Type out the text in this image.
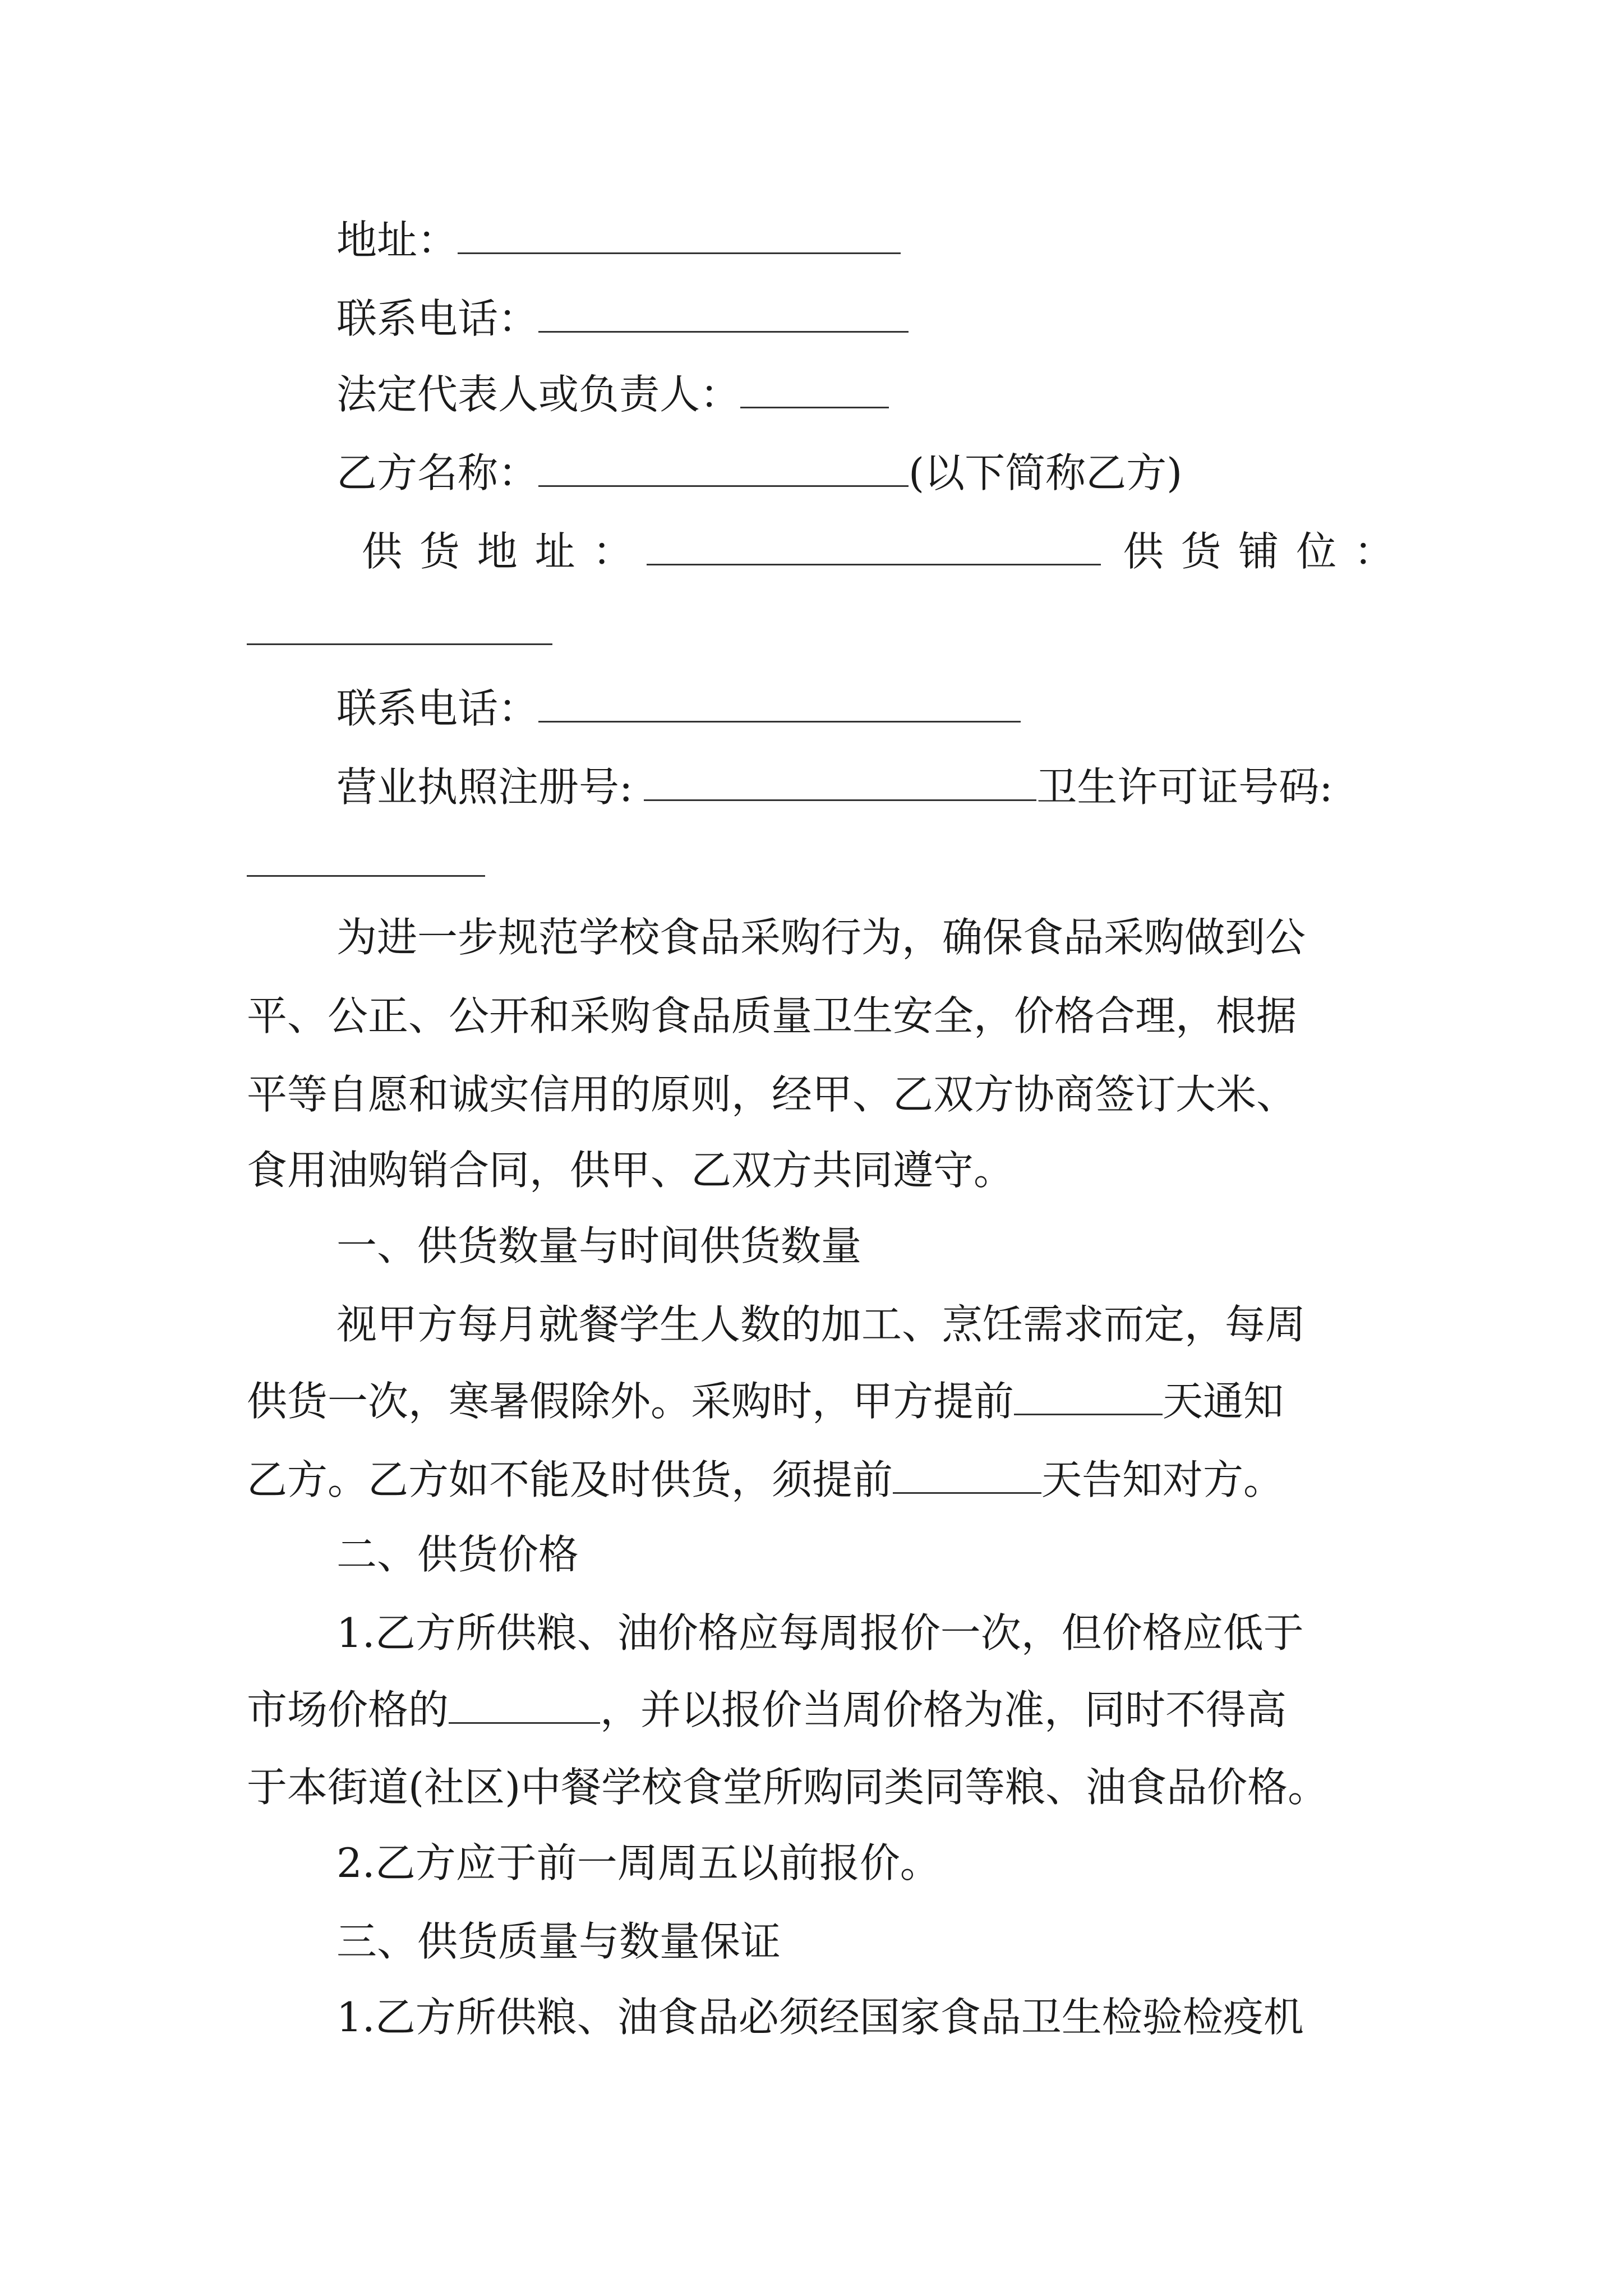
地址：
联系电话：
法定代表人或负责人：
乙方名称：	(以下简称乙方)
供 货 地 址 ：	供 货 铺 位 ：
联系电话：
营业执照注册号:	卫生许可证号码:
为进一步规范学校食品采购行为，确保食品采购做到公
平、公正、公开和采购食品质量卫生安全，价格合理，根据
平等自愿和诚实信用的原则，经甲、乙双方协商签订大米、
食用油购销合同，供甲、乙双方共同遵守。
一、供货数量与时间供货数量
视甲方每月就餐学生人数的加工、烹饪需求而定，每周
供货一次，寒暑假除外。采购时，甲方提前	天通知
乙方。乙方如不能及时供货，须提前	天告知对方。
二、供货价格
1.乙方所供粮、油价格应每周报价一次，但价格应低于
市场价格的	，并以报价当周价格为准，同时不得高
于本街道(社区)中餐学校食堂所购同类同等粮、油食品价格。
2.乙方应于前一周周五以前报价。
三、供货质量与数量保证
1.乙方所供粮、油食品必须经国家食品卫生检验检疫机
